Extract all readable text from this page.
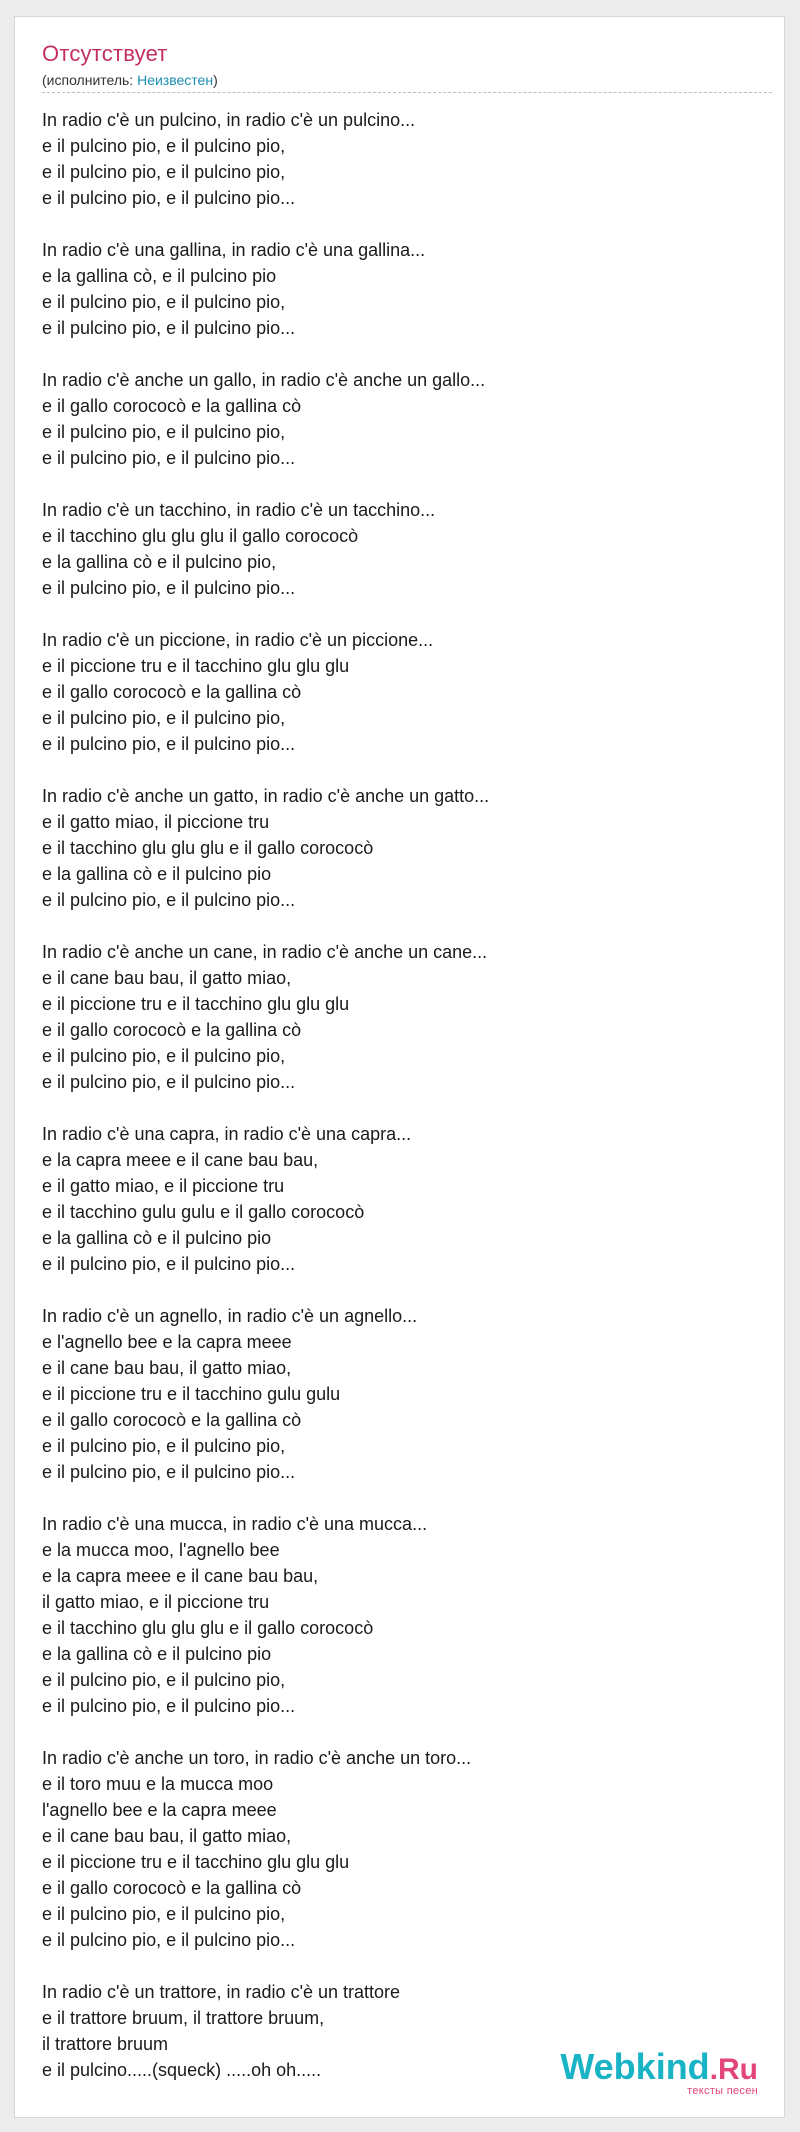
Отсутствует
(исполнитель: Неизвестен)
In radio c'è un pulcino, in radio c'è un pulcino...
e il pulcino pio, e il pulcino pio,
e il pulcino pio, e il pulcino pio,
e il pulcino pio, e il pulcino pio...
In radio c'è una gallina, in radio c'è una gallina...
e la gallina cò, e il pulcino pio
e il pulcino pio, e il pulcino pio,
e il pulcino pio, e il pulcino pio...
In radio c'è anche un gallo, in radio c'è anche un gallo...
e il gallo corococò e la gallina cò
e il pulcino pio, e il pulcino pio,
e il pulcino pio, e il pulcino pio...
In radio c'è un tacchino, in radio c'è un tacchino...
e il tacchino glu glu glu il gallo corococò
e la gallina cò e il pulcino pio,
e il pulcino pio, e il pulcino pio...
In radio c'è un piccione, in radio c'è un piccione...
e il piccione tru e il tacchino glu glu glu
e il gallo corococò e la gallina cò
e il pulcino pio, e il pulcino pio,
e il pulcino pio, e il pulcino pio...
In radio c'è anche un gatto, in radio c'è anche un gatto...
e il gatto miao, il piccione tru
e il tacchino glu glu glu e il gallo corococò
e la gallina cò e il pulcino pio
e il pulcino pio, e il pulcino pio...
In radio c'è anche un cane, in radio c'è anche un cane...
e il cane bau bau, il gatto miao,
e il piccione tru e il tacchino glu glu glu
e il gallo corococò e la gallina cò
e il pulcino pio, e il pulcino pio,
e il pulcino pio, e il pulcino pio...
In radio c'è una capra, in radio c'è una capra...
e la capra meee e il cane bau bau,
e il gatto miao, e il piccione tru
e il tacchino gulu gulu e il gallo corococò
e la gallina cò e il pulcino pio
e il pulcino pio, e il pulcino pio...
In radio c'è un agnello, in radio c'è un agnello...
e l'agnello bee e la capra meee
e il cane bau bau, il gatto miao,
e il piccione tru e il tacchino gulu gulu
e il gallo corococò e la gallina cò
e il pulcino pio, e il pulcino pio,
e il pulcino pio, e il pulcino pio...
In radio c'è una mucca, in radio c'è una mucca...
e la mucca moo, l'agnello bee
e la capra meee e il cane bau bau,
il gatto miao, e il piccione tru
e il tacchino glu glu glu e il gallo corococò
e la gallina cò e il pulcino pio
e il pulcino pio, e il pulcino pio,
e il pulcino pio, e il pulcino pio...
In radio c'è anche un toro, in radio c'è anche un toro...
e il toro muu e la mucca moo
l'agnello bee e la capra meee
e il cane bau bau, il gatto miao,
e il piccione tru e il tacchino glu glu glu
e il gallo corococò e la gallina cò
e il pulcino pio, e il pulcino pio,
e il pulcino pio, e il pulcino pio...
In radio c'è un trattore, in radio c'è un trattore
e il trattore bruum, il trattore bruum,
il trattore bruum
e il pulcino.....(squeck) .....oh oh.....	Webkind.Ru
тексты песен
